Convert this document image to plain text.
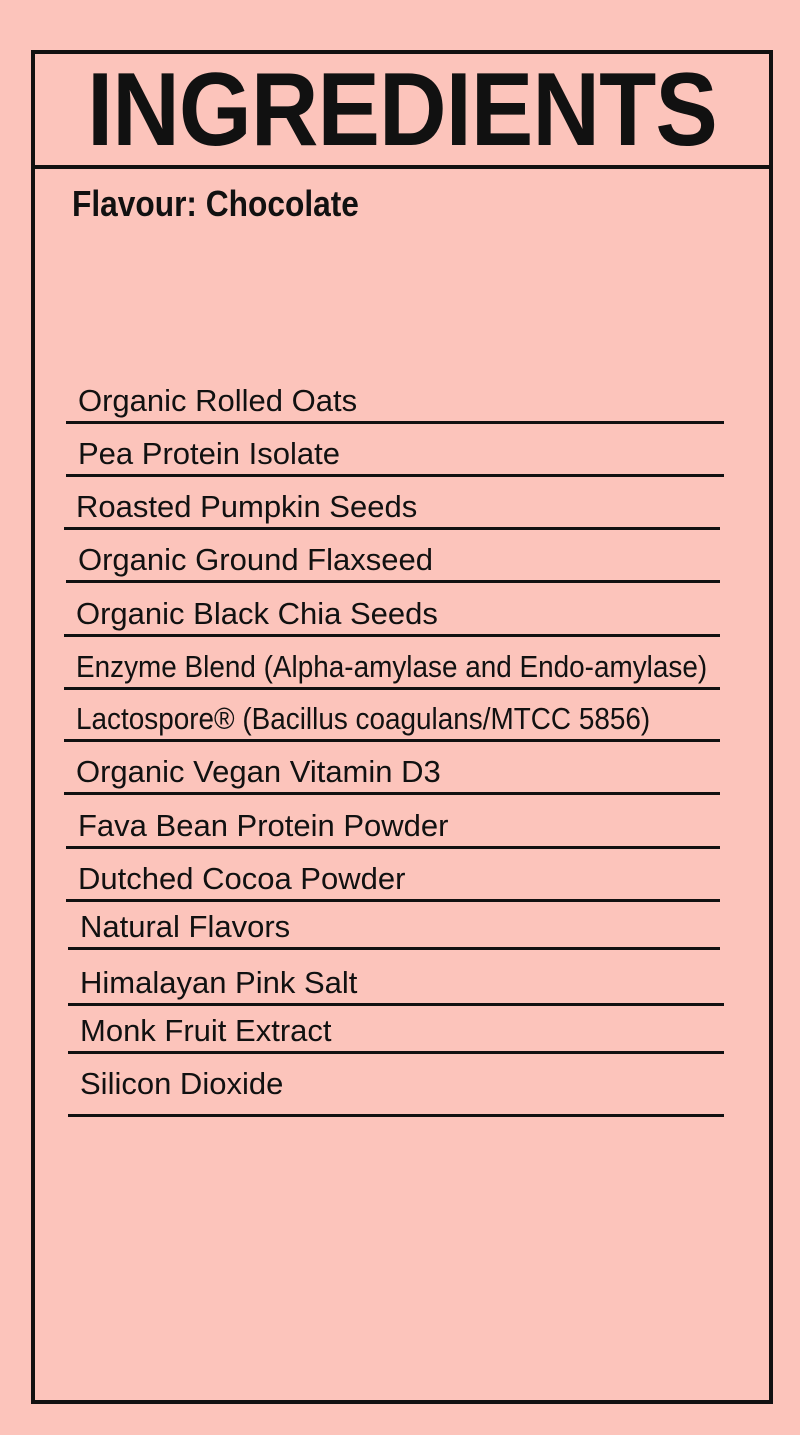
INGREDIENTS
Flavour: Chocolate
Organic Rolled Oats
Pea Protein Isolate
Roasted Pumpkin Seeds
Organic Ground Flaxseed
Organic Black Chia Seeds
Enzyme Blend (Alpha-amylase and Endo-amylase)
Lactospore® (Bacillus coagulans/MTCC 5856)
Organic Vegan Vitamin D3
Fava Bean Protein Powder
Dutched Cocoa Powder
Natural Flavors
Himalayan Pink Salt
Monk Fruit Extract
Silicon Dioxide
